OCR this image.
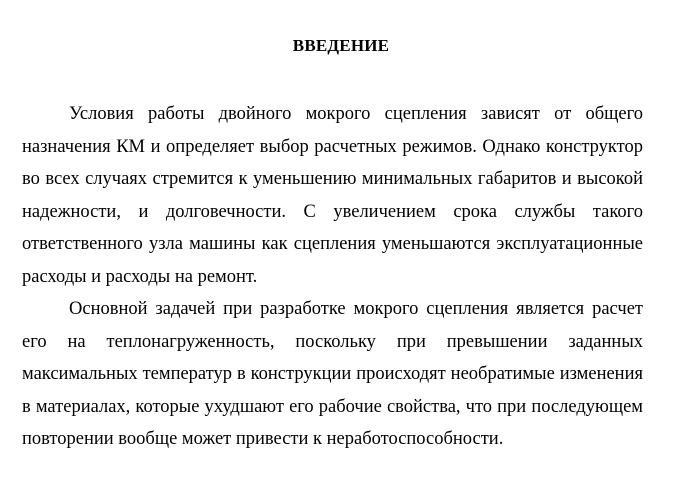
ВВЕДЕНИЕ

Условия работы двойного мокрого сцепления зависят от общего назначения КМ и определяет выбор расчетных режимов. Однако конструктор во всех случаях стремится к уменьшению минимальных габаритов и высокой надежности, и долговечности. С увеличением срока службы такого ответственного узла машины как сцепления уменьшаются эксплуатационные расходы и расходы на ремонт.

Основной задачей при разработке мокрого сцепления является расчет его на теплонагруженность, поскольку при превышении заданных максимальных температур в конструкции происходят необратимые изменения в материалах, которые ухудшают его рабочие свойства, что при последующем повторении вообще может привести к неработоспособности.
